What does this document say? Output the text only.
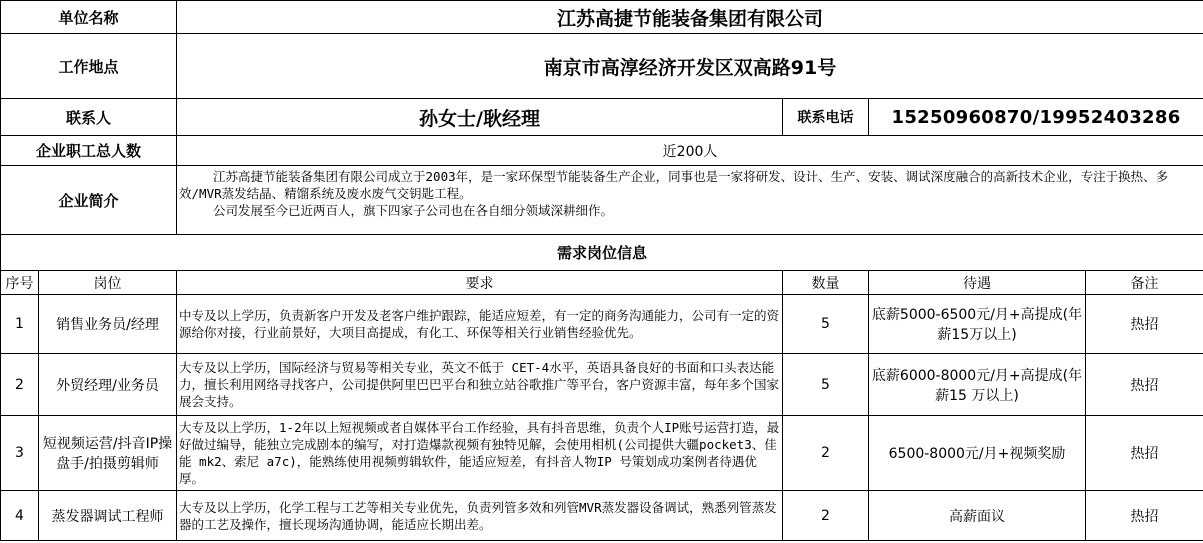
单位名称		江苏高捷节能装备集团有限公司			
工作地点		南京市高淳经济开发区双高路91号			
联系人		孙女士/耿经理	联系电话	15250960870/19952403286	
企业职工总人数		近200人			
企业简介		江苏高捷节能装备集团有限公司成立于2003年，是一家环保型节能装备生产企业，同事也是一家将研发、设计、生产、安装、调试深度融合的高新技术企业，专注于换热、多效/MVR蒸发结晶、精馏系统及废水废气交钥匙工程。

公司发展至今已近两百人，旗下四家子公司也在各自细分领域深耕细作。			

需求岗位信息					
序号	岗位	要求	数量	待遇	备注
1	销售业务员/经理	中专及以上学历，负责新客户开发及老客户维护跟踪，能适应短差，有一定的商务沟通能力，公司有一定的资源给你对接，行业前景好，大项目高提成，有化工、环保等相关行业销售经验优先。	5	底薪5000-6500元/月+高提成(年薪15万以上)	热招
2	外贸经理/业务员	大专及以上学历，国际经济与贸易等相关专业，英文不低于 CET-4水平，英语具备良好的书面和口头表达能力，擅长利用网络寻找客户，公司提供阿里巴巴平台和独立站谷歌推广等平台，客户资源丰富，每年多个国家展会支持。	5	底薪6000-8000元/月+高提成(年薪15 万以上)	热招
3	短视频运营/抖音IP操盘手/拍摄剪辑师	大专及以上学历，1-2年以上短视频或者自媒体平台工作经验，具有抖音思维，负责个人IP账号运营打造，最好做过编导，能独立完成剧本的编写，对打造爆款视频有独特见解，会使用相机(公司提供大疆pocket3、佳能 mk2、索尼 a7c)，能熟练使用视频剪辑软件，能适应短差，有抖音人物IP 号策划成功案例者待遇优厚。	2	6500-8000元/月+视频奖励	热招
4	蒸发器调试工程师	大专及以上学历，化学工程与工艺等相关专业优先，负责列管多效和列管MVR蒸发器设备调试，熟悉列管蒸发器的工艺及操作，擅长现场沟通协调，能适应长期出差。	2	高薪面议	热招
